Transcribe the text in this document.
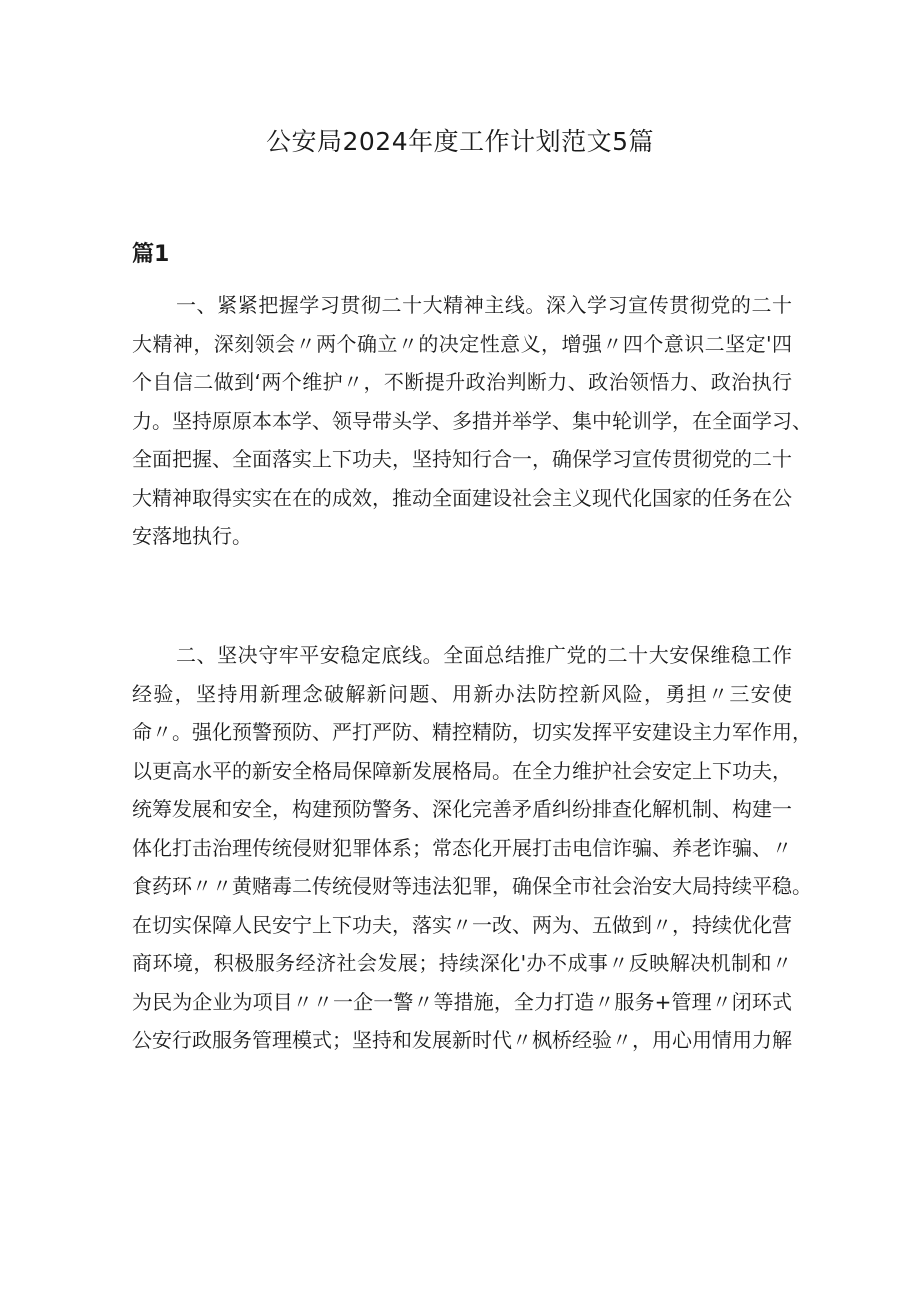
公安局2024年度工作计划范文5篇
篇1
一、紧紧把握学习贯彻二十大精神主线。深入学习宣传贯彻党的二十
大精神，深刻领会〃两个确立〃的决定性意义，增强〃四个意识二坚定'四
个自信二做到‘两个维护〃，不断提升政治判断力、政治领悟力、政治执行
力。坚持原原本本学、领导带头学、多措并举学、集中轮训学，在全面学习、
全面把握、全面落实上下功夫，坚持知行合一，确保学习宣传贯彻党的二十
大精神取得实实在在的成效，推动全面建设社会主义现代化国家的任务在公
安落地执行。
二、坚决守牢平安稳定底线。全面总结推广党的二十大安保维稳工作
经验，坚持用新理念破解新问题、用新办法防控新风险，勇担〃三安使
命〃。强化预警预防、严打严防、精控精防，切实发挥平安建设主力军作用，
以更高水平的新安全格局保障新发展格局。在全力维护社会安定上下功夫，
统筹发展和安全，构建预防警务、深化完善矛盾纠纷排查化解机制、构建一
体化打击治理传统侵财犯罪体系；常态化开展打击电信诈骗、养老诈骗、〃
食药环〃〃黄赌毒二传统侵财等违法犯罪，确保全市社会治安大局持续平稳。
在切实保障人民安宁上下功夫，落实〃一改、两为、五做到〃，持续优化营
商环境，积极服务经济社会发展；持续深化'办不成事〃反映解决机制和〃
为民为企业为项目〃〃一企一警〃等措施，全力打造〃服务+管理〃闭环式
公安行政服务管理模式；坚持和发展新时代〃枫桥经验〃，用心用情用力解
